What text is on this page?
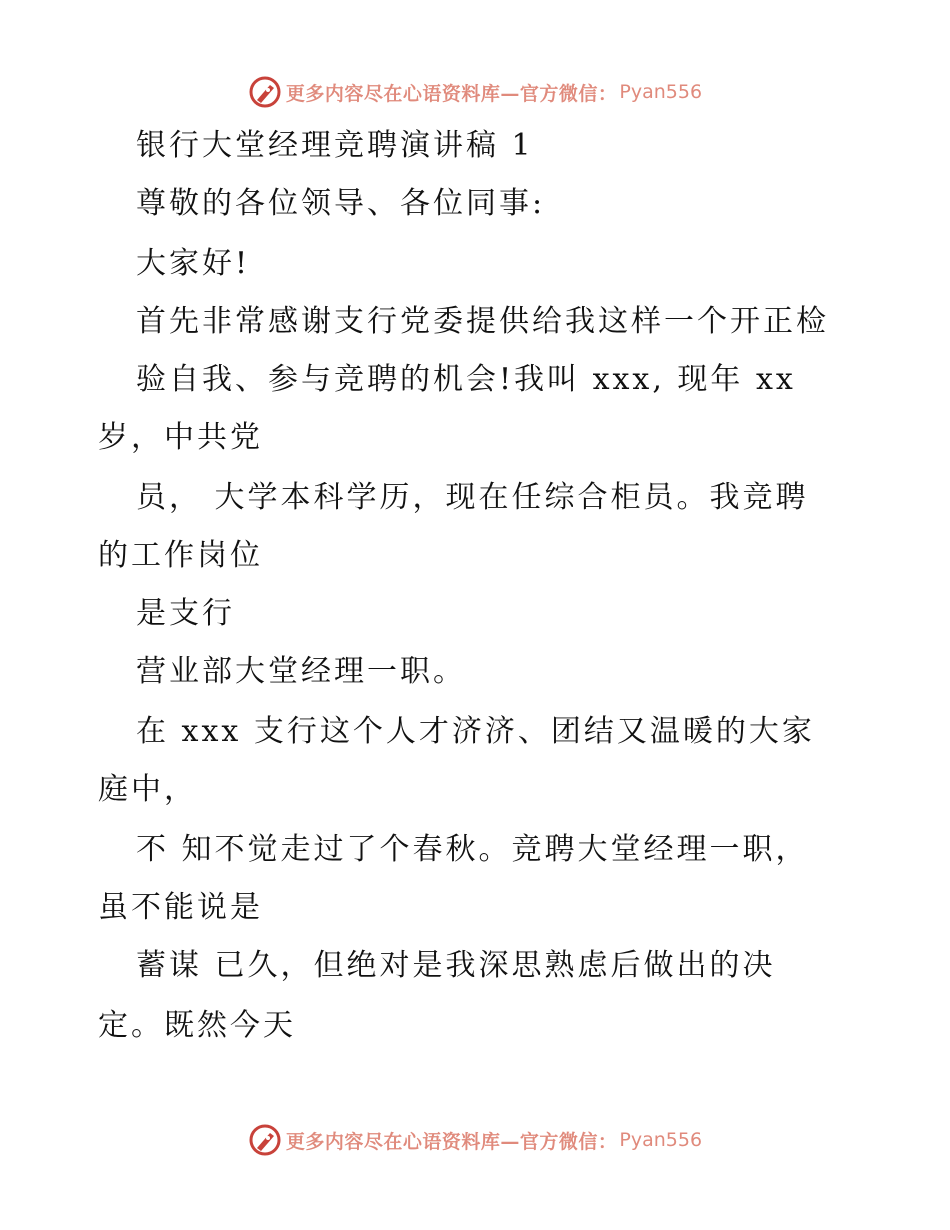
更多内容尽在心语资料库—官方微信： Pyan556
银行大堂经理竞聘演讲稿 1
尊敬的各位领导、各位同事:
大家好!
首先非常感谢支行党委提供给我这样一个开正检
验自我、参与竞聘的机会!我叫 xxx, 现年 xx
岁，中共党
员， 大学本科学历，现在任综合柜员。我竞聘
的工作岗位
是支行
营业部大堂经理一职。
在 xxx 支行这个人才济济、团结又温暖的大家
庭中，
不 知不觉走过了个春秋。竞聘大堂经理一职，
虽不能说是
蓄谋 已久，但绝对是我深思熟虑后做出的决
定。既然今天
更多内容尽在心语资料库—官方微信： Pyan556
